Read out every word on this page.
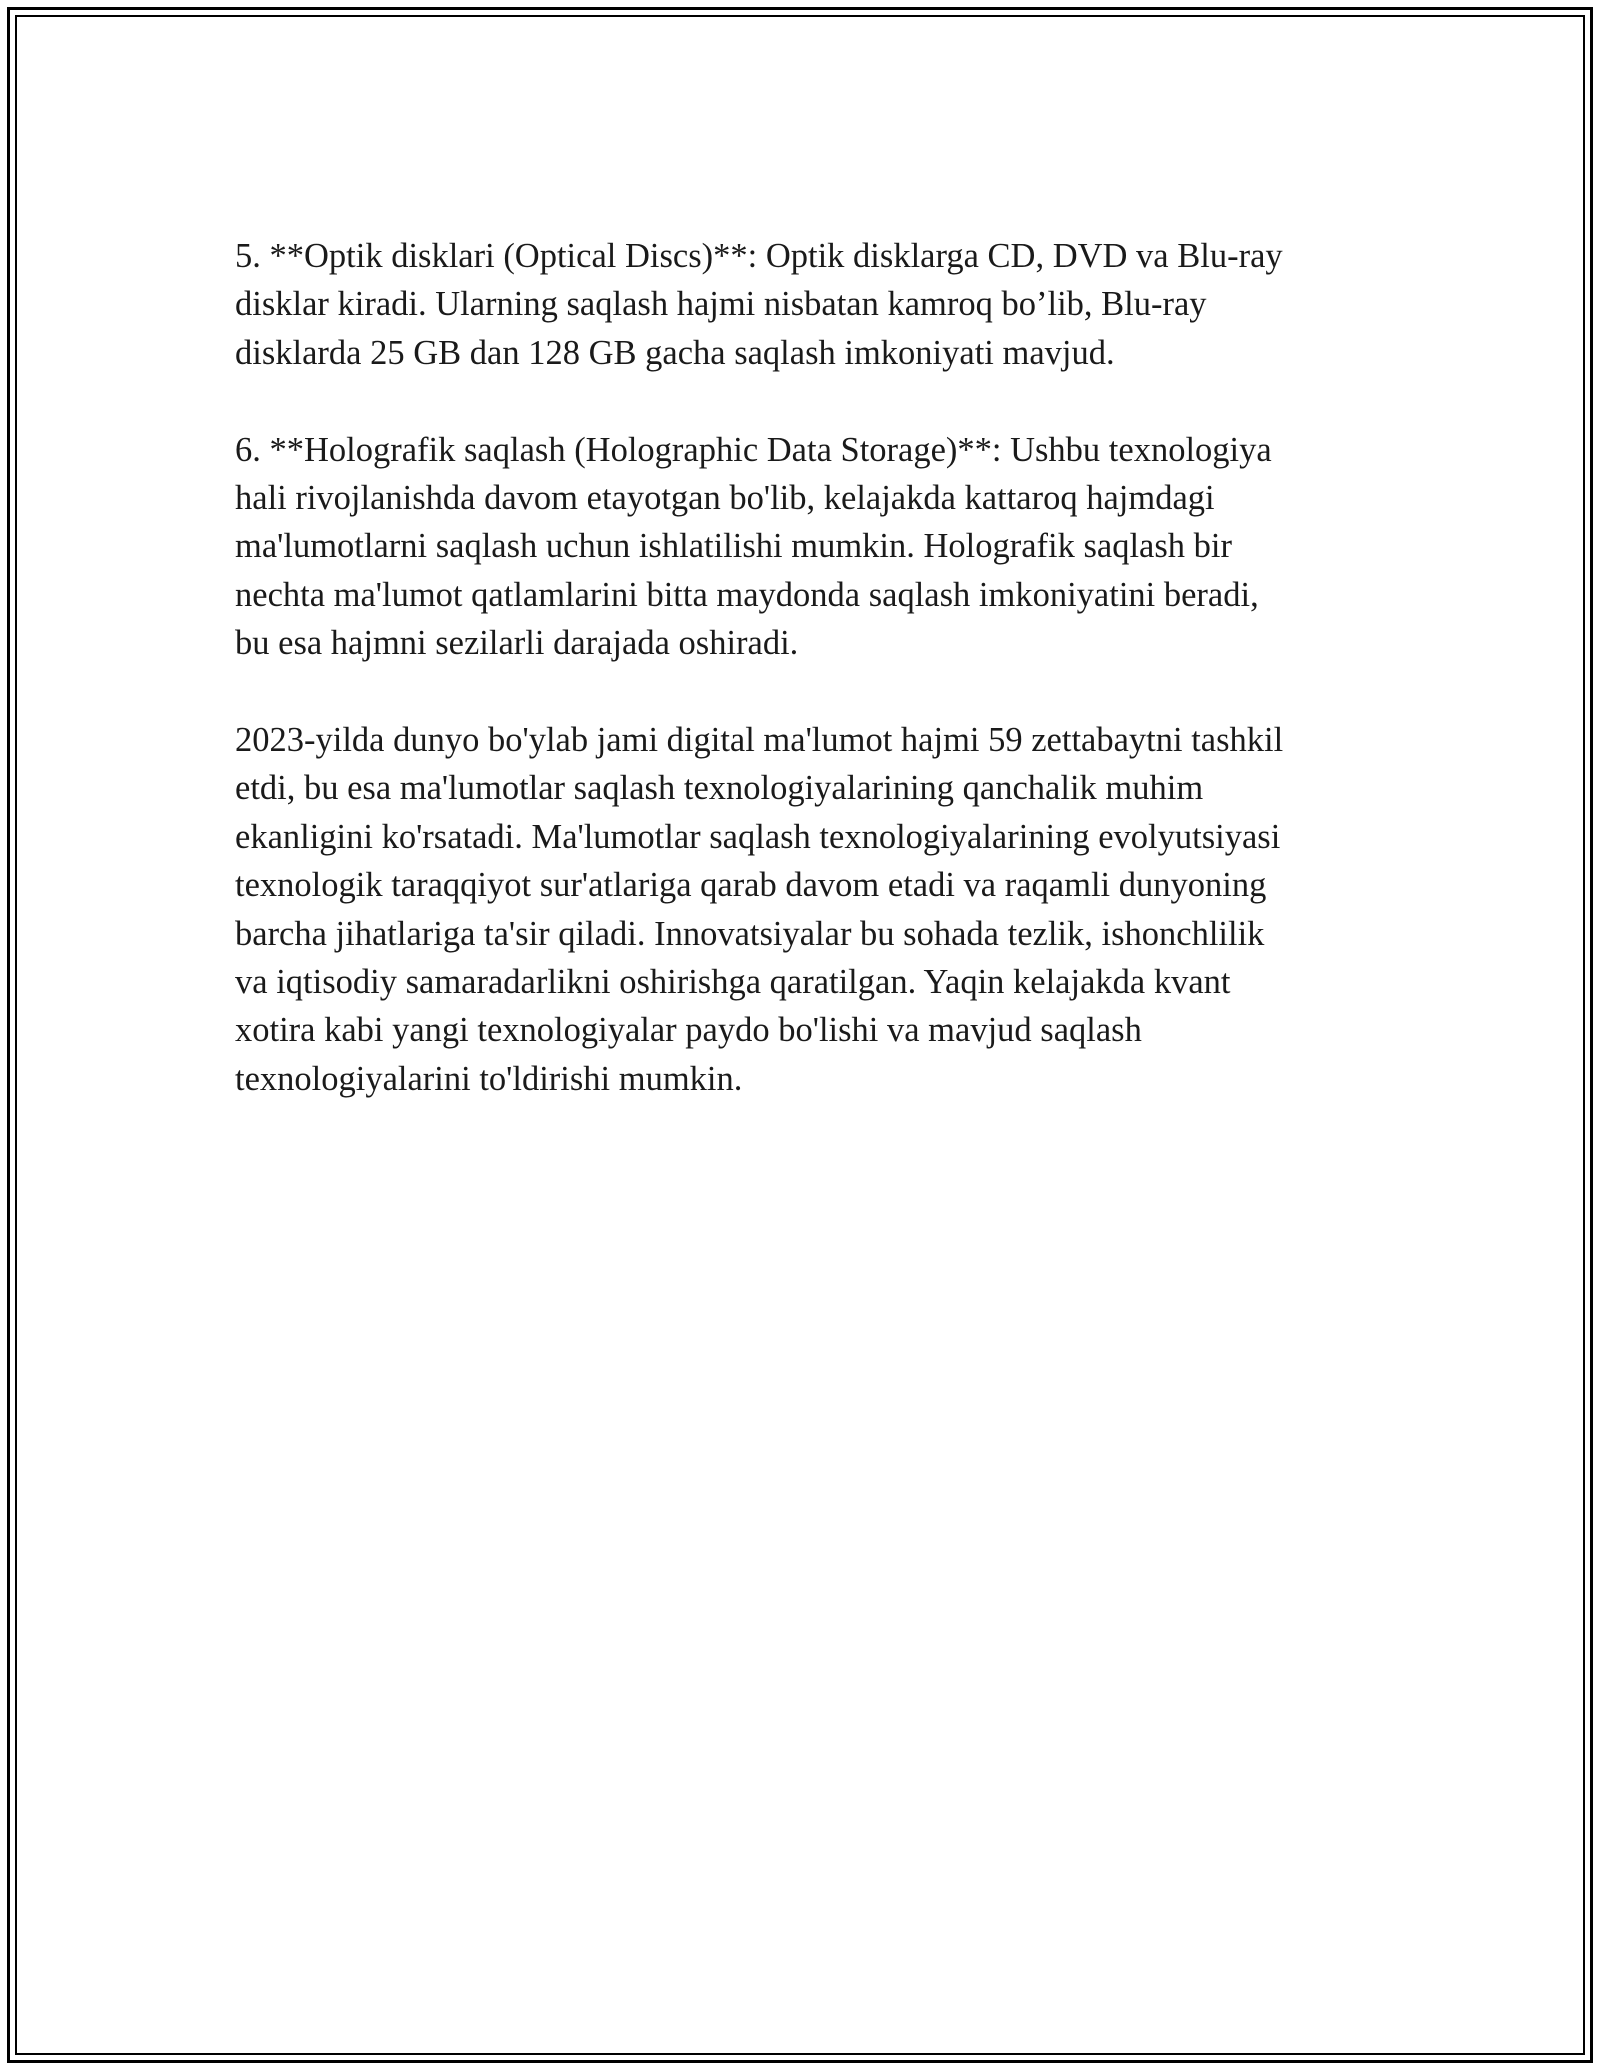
5. **Optik disklari (Optical Discs)**: Optik disklarga CD, DVD va Blu-ray
disklar kiradi. Ularning saqlash hajmi nisbatan kamroq bo’lib, Blu-ray
disklarda 25 GB dan 128 GB gacha saqlash imkoniyati mavjud.

6. **Holografik saqlash (Holographic Data Storage)**: Ushbu texnologiya
hali rivojlanishda davom etayotgan bo'lib, kelajakda kattaroq hajmdagi
ma'lumotlarni saqlash uchun ishlatilishi mumkin. Holografik saqlash bir
nechta ma'lumot qatlamlarini bitta maydonda saqlash imkoniyatini beradi,
bu esa hajmni sezilarli darajada oshiradi.

2023-yilda dunyo bo'ylab jami digital ma'lumot hajmi 59 zettabaytni tashkil
etdi, bu esa ma'lumotlar saqlash texnologiyalarining qanchalik muhim
ekanligini ko'rsatadi. Ma'lumotlar saqlash texnologiyalarining evolyutsiyasi
texnologik taraqqiyot sur'atlariga qarab davom etadi va raqamli dunyoning
barcha jihatlariga ta'sir qiladi. Innovatsiyalar bu sohada tezlik, ishonchlilik
va iqtisodiy samaradarlikni oshirishga qaratilgan. Yaqin kelajakda kvant
xotira kabi yangi texnologiyalar paydo bo'lishi va mavjud saqlash
texnologiyalarini to'ldirishi mumkin.
